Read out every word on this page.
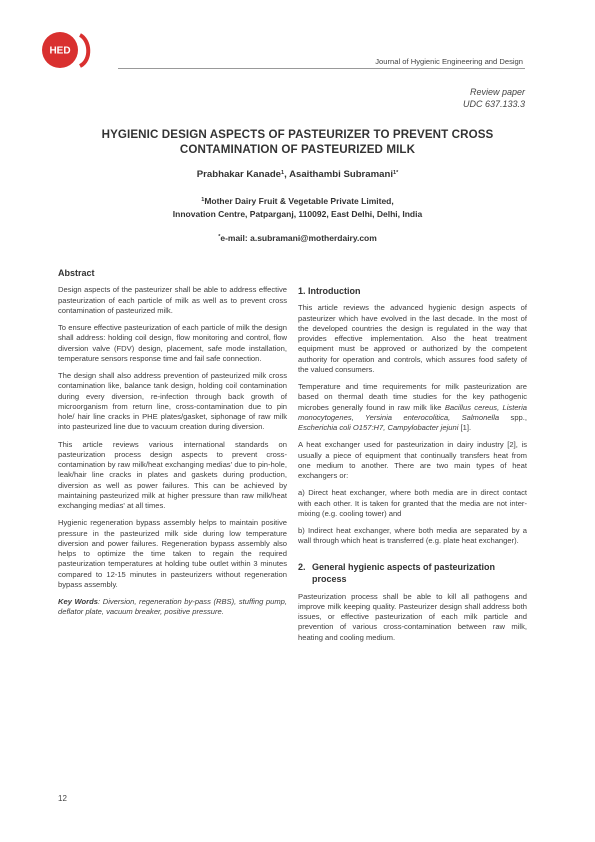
HED
Journal of Hygienic Engineering and Design
Review paper
UDC 637.133.3
HYGIENIC DESIGN ASPECTS OF PASTEURIZER TO PREVENT CROSS
CONTAMINATION OF PASTEURIZED MILK
Prabhakar Kanade$^1$, Asaithambi Subramani$^{1*}$
$^1$Mother Dairy Fruit & Vegetable Private Limited,
Innovation Centre, Patparganj, 110092, East Delhi, Delhi, India
*e-mail: a.subramani@motherdairy.com
Abstract

Design aspects of the pasteurizer shall be able to address effective pasteurization of each particle of milk as well as to prevent cross contamination of pasteurized milk.

To ensure effective pasteurization of each particle of milk the design shall address: holding coil design, flow monitoring and control, flow diversion valve (FDV) design, placement, safe mode installation, temperature sensors response time and fail safe connection.

The design shall also address prevention of pasteurized milk cross contamination like, balance tank design, holding coil contamination during every diversion, re-infection through back growth of microorganism from return line, cross-contamination due to pin hole/ hair line cracks in PHE plates/gasket, siphonage of raw milk into pasteurized line due to vacuum creation during diversion.

This article reviews various international standards on pasteurization process design aspects to prevent cross-contamination by raw milk/heat exchanging medias' due to pin-hole, leak/hair line cracks in plates and gaskets during production, diversion as well as power failures. This can be achieved by maintaining pasteurized milk at higher pressure than raw milk/heat exchanging medias' at all times.

Hygienic regeneration bypass assembly helps to maintain positive pressure in the pasteurized milk side during low temperature diversion and power failures. Regeneration bypass assembly also helps to optimize the time taken to regain the required pasteurization temperatures at holding tube outlet within 3 minutes compared to 12-15 minutes in pasteurizers without regeneration bypass assembly.

Key Words: Diversion, regeneration by-pass (RBS), stuffing pump, deflator plate, vacuum breaker, positive pressure.

1. Introduction

This article reviews the advanced hygienic design aspects of pasteurizer which have evolved in the last decade. In the most of the developed countries the design is regulated in the way that provides effective implementation. Also the heat treatment equipment must be approved or authorized by the competent authority for operation and controls, which assures food safety of the valued consumers.

Temperature and time requirements for milk pasteurization are based on thermal death time studies for the key pathogenic microbes generally found in raw milk like Bacillus cereus, Listeria monocytogenes, Yersinia enterocolitica, Salmonella spp., Escherichia coli O157:H7, Campylobacter jejuni [1].

A heat exchanger used for pasteurization in dairy industry [2], is usually a piece of equipment that continually transfers heat from one medium to another. There are two main types of heat exchangers or:

a) Direct heat exchanger, where both media are in direct contact with each other. It is taken for granted that the media are not inter-mixing (e.g. cooling tower) and

b) Indirect heat exchanger, where both media are separated by a wall through which heat is transferred (e.g. plate heat exchanger).

2. General hygienic aspects of pasteurization process

Pasteurization process shall be able to kill all pathogens and improve milk keeping quality. Pasteurizer design shall address both issues, or effective pasteurization of each milk particle and prevention of various cross-contamination between raw milk, heating and cooling medium.

12
